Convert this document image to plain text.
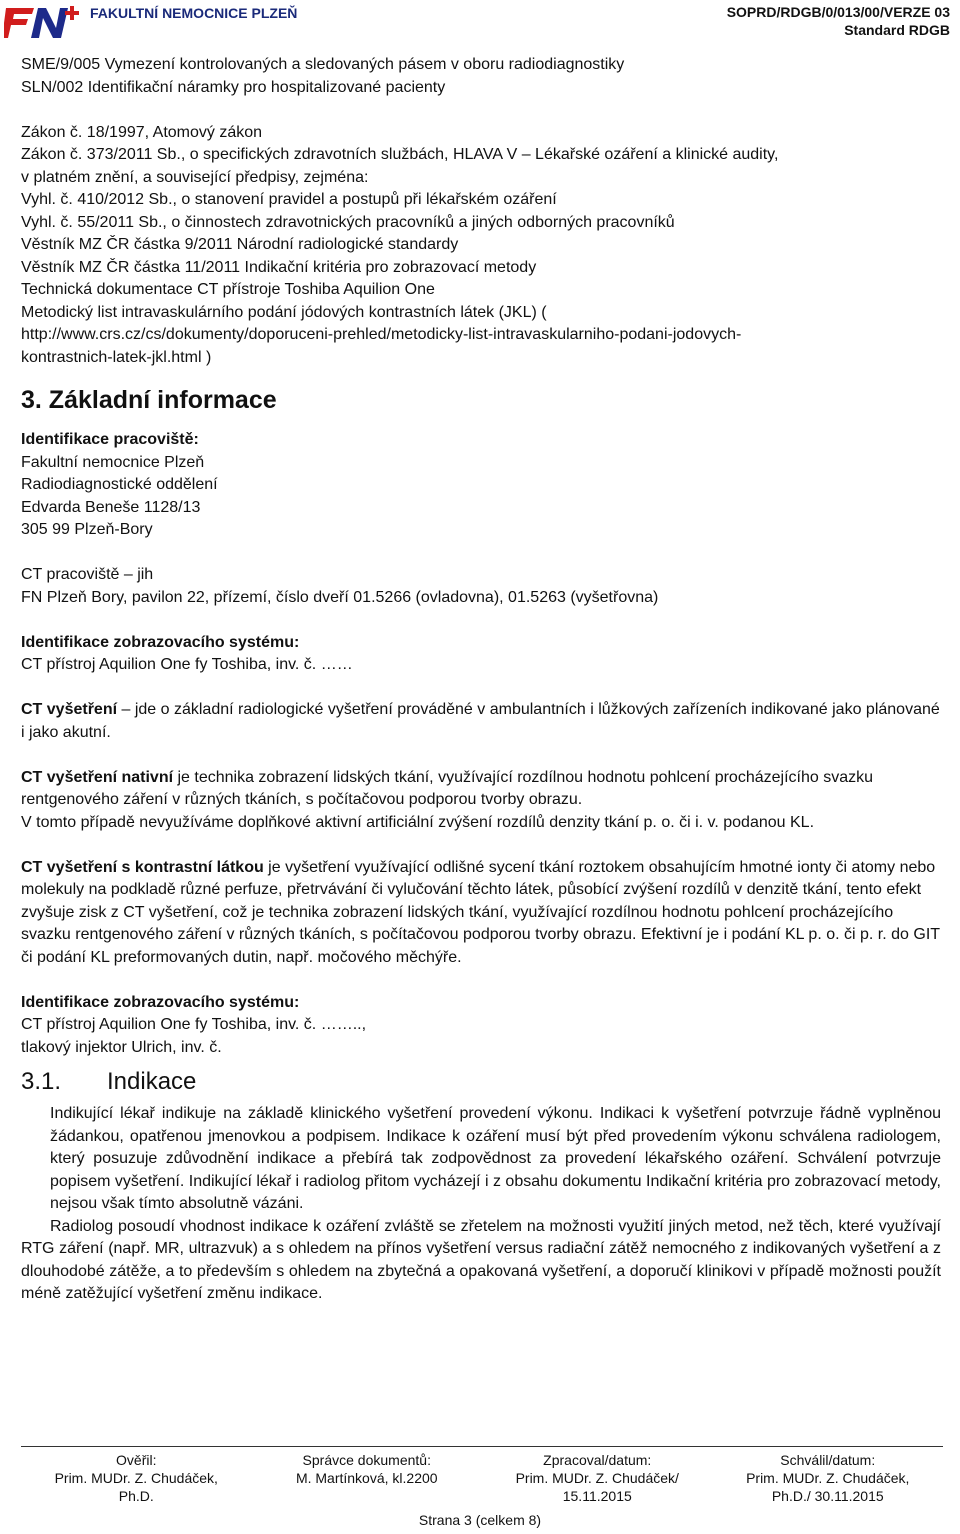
FAKULTNÍ NEMOCNICE PLZEŇ	SOPRD/RDGB/0/013/00/VERZE 03
Standard RDGB
SME/9/005 Vymezení kontrolovaných a sledovaných pásem v oboru radiodiagnostiky
SLN/002 Identifikační náramky pro hospitalizované pacienty
Zákon č. 18/1997, Atomový zákon
Zákon č. 373/2011 Sb., o specifických zdravotních službách, HLAVA V – Lékařské ozáření a klinické audity,
v platném znění, a související předpisy, zejména:
Vyhl. č. 410/2012 Sb., o stanovení pravidel a postupů při lékařském ozáření
Vyhl. č. 55/2011 Sb., o činnostech zdravotnických pracovníků a jiných odborných pracovníků
Věstník MZ ČR částka 9/2011 Národní radiologické standardy
Věstník MZ ČR částka 11/2011 Indikační kritéria pro zobrazovací metody
Technická dokumentace CT přístroje Toshiba Aquilion One
Metodický list intravaskulárního podání jódových kontrastních látek (JKL) (
http://www.crs.cz/cs/dokumenty/doporuceni-prehled/metodicky-list-intravaskularniho-podani-jodovych-
kontrastnich-latek-jkl.html )
3. Základní informace
Identifikace pracoviště:
Fakultní nemocnice Plzeň
Radiodiagnostické oddělení
Edvarda Beneše 1128/13
305 99 Plzeň-Bory
CT pracoviště – jih
FN Plzeň Bory, pavilon 22, přízemí, číslo dveří 01.5266 (ovladovna), 01.5263 (vyšetřovna)
Identifikace zobrazovacího systému:
CT přístroj Aquilion One fy Toshiba, inv. č. ……
CT vyšetření – jde o základní radiologické vyšetření prováděné v ambulantních i lůžkových zařízeních indikované jako plánované i jako akutní.
CT vyšetření nativní je technika zobrazení lidských tkání, využívající rozdílnou hodnotu pohlcení procházejícího svazku rentgenového záření v různých tkáních, s počítačovou podporou tvorby obrazu.
V tomto případě nevyužíváme doplňkové aktivní artificiální zvýšení rozdílů denzity tkání p. o. či i. v. podanou KL.
CT vyšetření s kontrastní látkou je vyšetření využívající odlišné sycení tkání roztokem obsahujícím hmotné ionty či atomy nebo molekuly na podkladě různé perfuze, přetrvávání či vylučování těchto látek, působící zvýšení rozdílů v denzitě tkání, tento efekt zvyšuje zisk z CT vyšetření, což je technika zobrazení lidských tkání, využívající rozdílnou hodnotu pohlcení procházejícího svazku rentgenového záření v různých tkáních, s počítačovou podporou tvorby obrazu. Efektivní je i podání KL p. o. či p. r. do GIT či podání KL preformovaných dutin, např. močového měchýře.
Identifikace zobrazovacího systému:
CT přístroj Aquilion One fy Toshiba, inv. č. ……..,
tlakový injektor Ulrich, inv. č.
3.1. Indikace
Indikující lékař indikuje na základě klinického vyšetření provedení výkonu. Indikaci k vyšetření potvrzuje řádně vyplněnou žádankou, opatřenou jmenovkou a podpisem. Indikace k ozáření musí být před provedením výkonu schválena radiologem, který posuzuje zdůvodnění indikace a přebírá tak zodpovědnost za provedení lékařského ozáření. Schválení potvrzuje popisem vyšetření. Indikující lékař i radiolog přitom vycházejí i z obsahu dokumentu Indikační kritéria pro zobrazovací metody, nejsou však tímto absolutně vázáni.
Radiolog posoudí vhodnost indikace k ozáření zvláště se zřetelem na možnosti využití jiných metod, než těch, které využívají RTG záření (např. MR, ultrazvuk) a s ohledem na přínos vyšetření versus radiační zátěž nemocného z indikovaných vyšetření a z dlouhodobé zátěže, a to především s ohledem na zbytečná a opakovaná vyšetření, a doporučí klinikovi v případě možnosti použít méně zatěžující vyšetření změnu indikace.
Ověřil:
Prim. MUDr. Z. Chudáček,
Ph.D.
Správce dokumentů:
M. Martínková, kl.2200
Zpracoval/datum:
Prim. MUDr. Z. Chudáček/
15.11.2015
Schválil/datum:
Prim. MUDr. Z. Chudáček,
Ph.D./ 30.11.2015
Strana 3 (celkem 8)
